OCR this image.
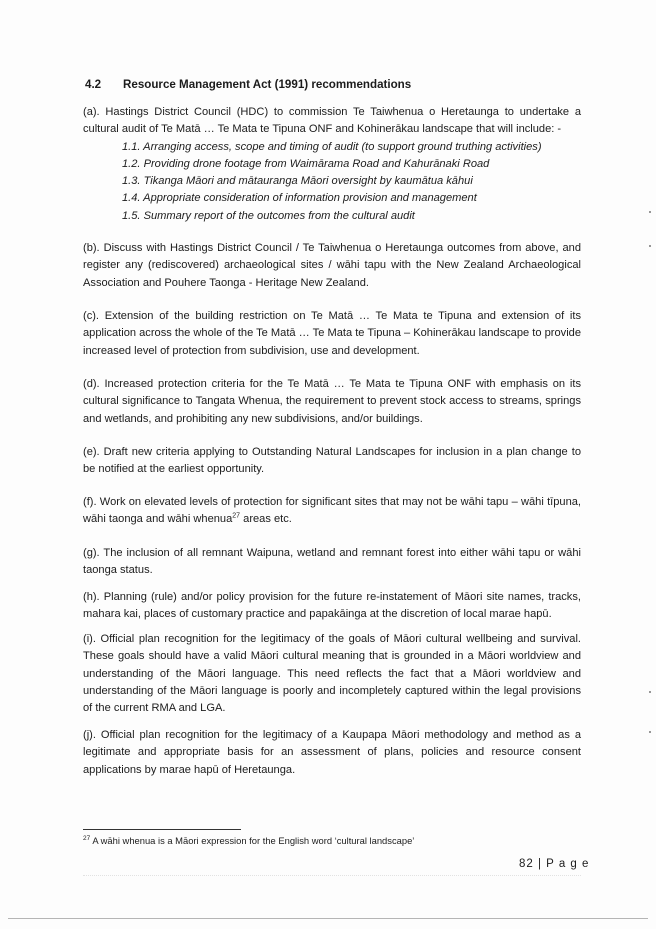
4.2 Resource Management Act (1991) recommendations
(a). Hastings District Council (HDC) to commission Te Taiwhenua o Heretaunga to undertake a cultural audit of Te Matā … Te Mata te Tipuna ONF and Kohinerākau landscape that will include: -
1.1. Arranging access, scope and timing of audit (to support ground truthing activities)
1.2. Providing drone footage from Waimārama Road and Kahurānaki Road
1.3. Tikanga Māori and mātauranga Māori oversight by kaumātua kāhui
1.4. Appropriate consideration of information provision and management
1.5. Summary report of the outcomes from the cultural audit

(b). Discuss with Hastings District Council / Te Taiwhenua o Heretaunga outcomes from above, and register any (rediscovered) archaeological sites / wāhi tapu with the New Zealand Archaeological Association and Pouhere Taonga - Heritage New Zealand.

(c). Extension of the building restriction on Te Matā … Te Mata te Tipuna and extension of its application across the whole of the Te Matā … Te Mata te Tipuna – Kohinerākau landscape to provide increased level of protection from subdivision, use and development.

(d). Increased protection criteria for the Te Matā … Te Mata te Tipuna ONF with emphasis on its cultural significance to Tangata Whenua, the requirement to prevent stock access to streams, springs and wetlands, and prohibiting any new subdivisions, and/or buildings.

(e). Draft new criteria applying to Outstanding Natural Landscapes for inclusion in a plan change to be notified at the earliest opportunity.

(f). Work on elevated levels of protection for significant sites that may not be wāhi tapu – wāhi tīpuna, wāhi taonga and wāhi whenua$^{27}$ areas etc.

(g). The inclusion of all remnant Waipuna, wetland and remnant forest into either wāhi tapu or wāhi taonga status.

(h). Planning (rule) and/or policy provision for the future re-instatement of Māori site names, tracks, mahara kai, places of customary practice and papakāinga at the discretion of local marae hapū.

(i). Official plan recognition for the legitimacy of the goals of Māori cultural wellbeing and survival. These goals should have a valid Māori cultural meaning that is grounded in a Māori worldview and understanding of the Māori language. This need reflects the fact that a Māori worldview and understanding of the Māori language is poorly and incompletely captured within the legal provisions of the current RMA and LGA.

(j). Official plan recognition for the legitimacy of a Kaupapa Māori methodology and method as a legitimate and appropriate basis for an assessment of plans, policies and resource consent applications by marae hapū of Heretaunga.

$^{27}$ A wāhi whenua is a Māori expression for the English word ‘cultural landscape’

82 | P a g e
